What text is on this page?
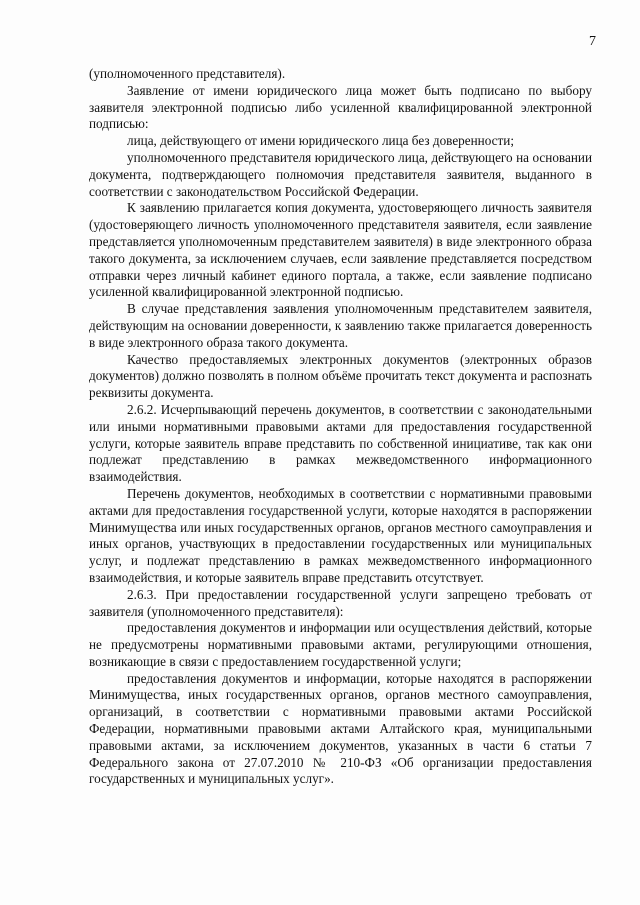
7

(уполномоченного представителя).

Заявление от имени юридического лица может быть подписано по выбору заявителя электронной подписью либо усиленной квалифицированной электронной подписью:

лица, действующего от имени юридического лица без доверенности;

уполномоченного представителя юридического лица, действующего на основании документа, подтверждающего полномочия представителя заявителя, выданного в соответствии с законодательством Российской Федерации.

К заявлению прилагается копия документа, удостоверяющего личность заявителя (удостоверяющего личность уполномоченного представителя заявителя, если заявление представляется уполномоченным представителем заявителя) в виде электронного образа такого документа, за исключением случаев, если заявление представляется посредством отправки через личный кабинет единого портала, а также, если заявление подписано усиленной квалифицированной электронной подписью.

В случае представления заявления уполномоченным представителем заявителя, действующим на основании доверенности, к заявлению также прилагается доверенность в виде электронного образа такого документа.

Качество предоставляемых электронных документов (электронных образов документов) должно позволять в полном объёме прочитать текст документа и распознать реквизиты документа.

2.6.2. Исчерпывающий перечень документов, в соответствии с законодательными или иными нормативными правовыми актами для предоставления государственной услуги, которые заявитель вправе представить по собственной инициативе, так как они подлежат представлению в рамках межведомственного информационного взаимодействия.

Перечень документов, необходимых в соответствии с нормативными правовыми актами для предоставления государственной услуги, которые находятся в распоряжении Минимущества или иных государственных органов, органов местного самоуправления и иных органов, участвующих в предоставлении государственных или муниципальных услуг, и подлежат представлению в рамках межведомственного информационного взаимодействия, и которые заявитель вправе представить отсутствует.

2.6.3. При предоставлении государственной услуги запрещено требовать от заявителя (уполномоченного представителя):

предоставления документов и информации или осуществления действий, которые не предусмотрены нормативными правовыми актами, регулирующими отношения, возникающие в связи с предоставлением государственной услуги;

предоставления документов и информации, которые находятся в распоряжении Минимущества, иных государственных органов, органов местного самоуправления, организаций, в соответствии с нормативными правовыми актами Российской Федерации, нормативными правовыми актами Алтайского края, муниципальными правовыми актами, за исключением документов, указанных в части 6 статьи 7 Федерального закона от 27.07.2010 № 210-ФЗ «Об организации предоставления государственных и муниципальных услуг».
